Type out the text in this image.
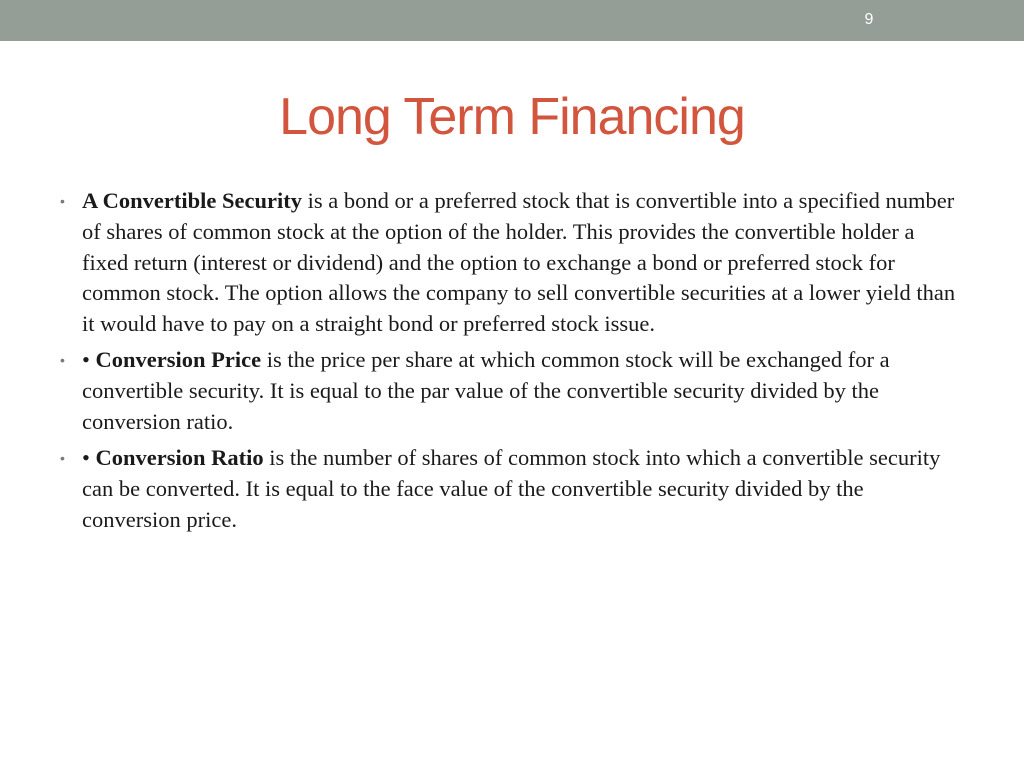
9
Long Term Financing
• A Convertible Security is a bond or a preferred stock that is convertible into a specified number of shares of common stock at the option of the holder. This provides the convertible holder a fixed return (interest or dividend) and the option to exchange a bond or preferred stock for common stock. The option allows the company to sell convertible securities at a lower yield than it would have to pay on a straight bond or preferred stock issue.
• • Conversion Price is the price per share at which common stock will be exchanged for a convertible security. It is equal to the par value of the convertible security divided by the conversion ratio.
• • Conversion Ratio is the number of shares of common stock into which a convertible security can be converted. It is equal to the face value of the convertible security divided by the conversion price.
